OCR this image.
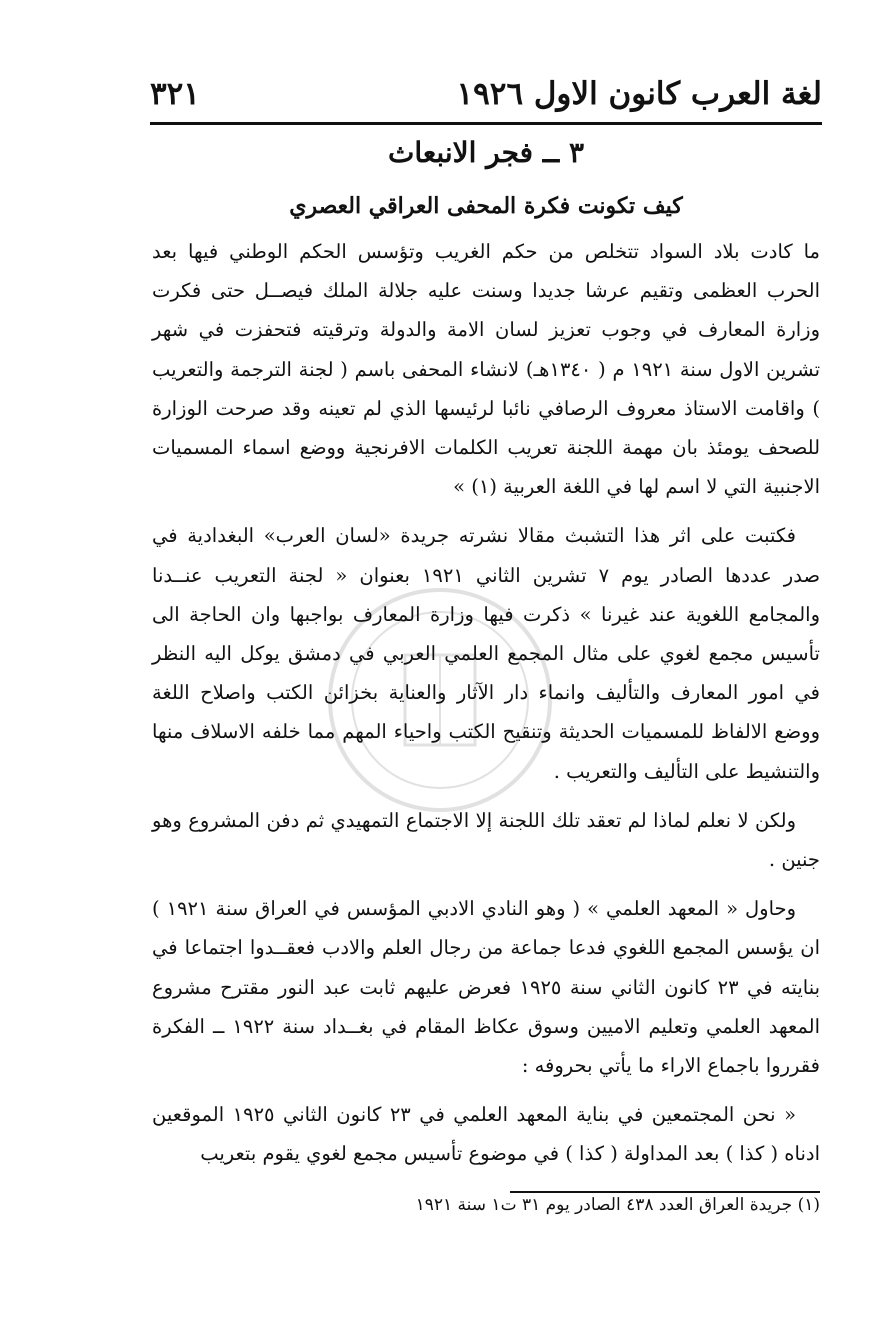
لغة العرب كانون الاول ١٩٢٦
٣٢١
٣ ــ فجر الانبعاث
كيف تكونت فكرة المحفى العراقي العصري

ما كادت بلاد السواد تتخلص من حكم الغريب وتؤسس الحكم الوطني فيها بعد الحرب العظمى وتقيم عرشا جديدا وسنت عليه جلالة الملك فيصــل حتى فكرت وزارة المعارف في وجوب تعزيز لسان الامة والدولة وترقيته فتحفزت في شهر تشرين الاول سنة ١٩٢١ م ( ١٣٤٠هـ) لانشاء المحفى باسم ( لجنة الترجمة والتعريب ) واقامت الاستاذ معروف الرصافي نائبا لرئيسها الذي لم تعينه وقد صرحت الوزارة للصحف يومئذ بان مهمة اللجنة تعريب الكلمات الافرنجية ووضع اسماء المسميات الاجنبية التي لا اسم لها في اللغة العربية (١) »

فكتبت على اثر هذا التشبث مقالا نشرته جريدة «لسان العرب» البغدادية في صدر عددها الصادر يوم ٧ تشرين الثاني ١٩٢١ بعنوان « لجنة التعريب عنــدنا والمجامع اللغوية عند غيرنا » ذكرت فيها وزارة المعارف بواجبها وان الحاجة الى تأسيس مجمع لغوي على مثال المجمع العلمي العربي في دمشق يوكل اليه النظر في امور المعارف والتأليف وانماء دار الآثار والعناية بخزائن الكتب واصلاح اللغة ووضع الالفاظ للمسميات الحديثة وتنقيح الكتب واحياء المهم مما خلفه الاسلاف منها والتنشيط على التأليف والتعريب .

ولكن لا نعلم لماذا لم تعقد تلك اللجنة إلا الاجتماع التمهيدي ثم دفن المشروع وهو جنين .

وحاول « المعهد العلمي » ( وهو النادي الادبي المؤسس في العراق سنة ١٩٢١ ) ان يؤسس المجمع اللغوي فدعا جماعة من رجال العلم والادب فعقــدوا اجتماعا في بنايته في ٢٣ كانون الثاني سنة ١٩٢٥ فعرض عليهم ثابت عبد النور مقترح مشروع المعهد العلمي وتعليم الاميين وسوق عكاظ المقام في بغــداد سنة ١٩٢٢ ــ الفكرة فقرروا باجماع الاراء ما يأتي بحروفه :

« نحن المجتمعين في بناية المعهد العلمي في ٢٣ كانون الثاني ١٩٢٥ الموقعين ادناه ( كذا ) بعد المداولة ( كذا ) في موضوع تأسيس مجمع لغوي يقوم بتعريب

(١) جريدة العراق العدد ٤٣٨ الصادر يوم ٣١ ت١ سنة ١٩٢١
